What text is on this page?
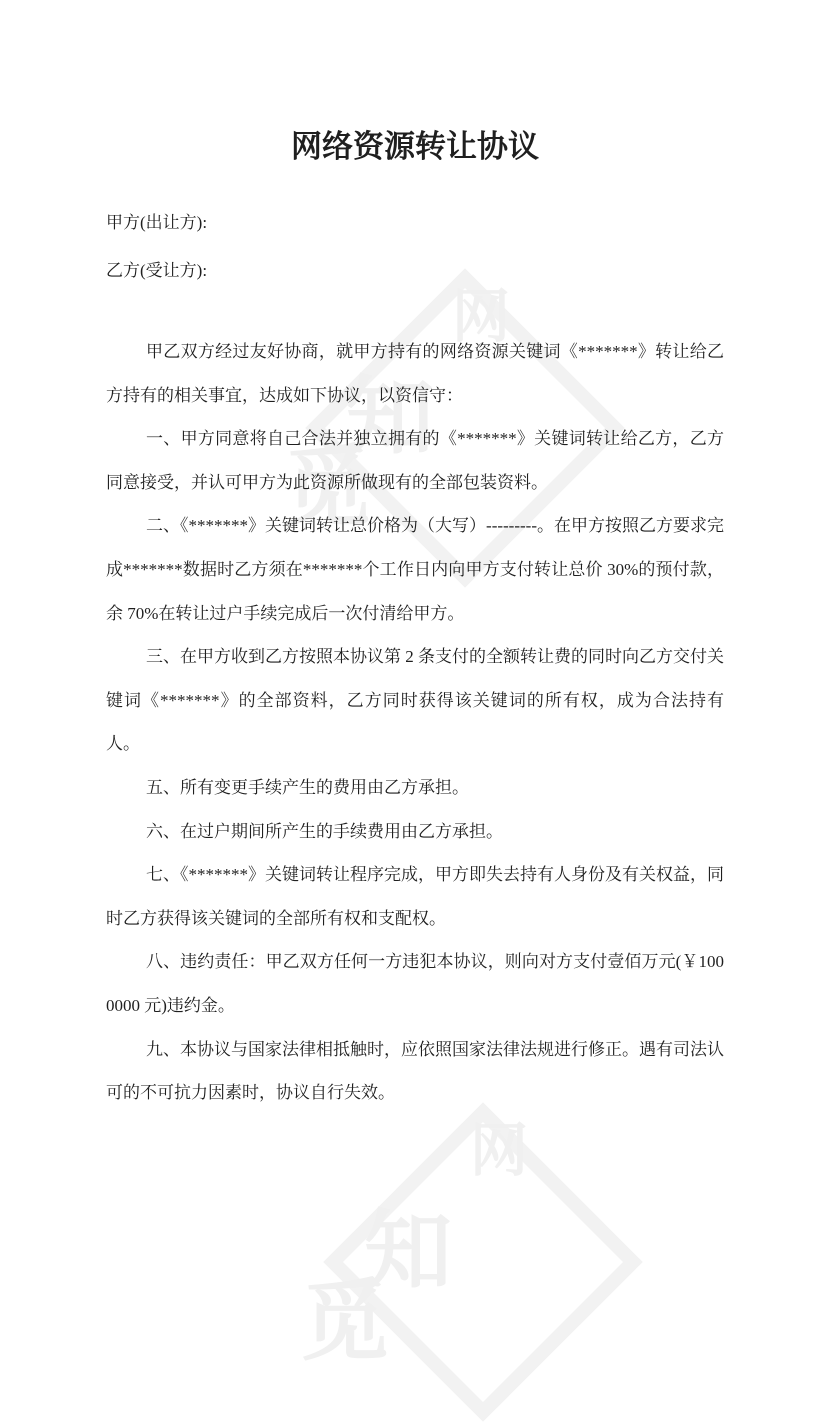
网
知
觅
网
知
觅
网络资源转让协议

甲方(出让方):

乙方(受让方):

甲乙双方经过友好协商，就甲方持有的网络资源关键词《*******》转让给乙方持有的相关事宜，达成如下协议，以资信守：

一、甲方同意将自己合法并独立拥有的《*******》关键词转让给乙方，乙方同意接受，并认可甲方为此资源所做现有的全部包装资料。

二、《*******》关键词转让总价格为（大写）---------。在甲方按照乙方要求完成*******数据时乙方须在*******个工作日内向甲方支付转让总价 30%的预付款，余 70%在转让过户手续完成后一次付清给甲方。

三、在甲方收到乙方按照本协议第 2 条支付的全额转让费的同时向乙方交付关键词《*******》的全部资料，乙方同时获得该关键词的所有权，成为合法持有人。

五、所有变更手续产生的费用由乙方承担。

六、在过户期间所产生的手续费用由乙方承担。

七、《*******》关键词转让程序完成，甲方即失去持有人身份及有关权益，同时乙方获得该关键词的全部所有权和支配权。

八、违约责任：甲乙双方任何一方违犯本协议，则向对方支付壹佰万元(￥1000000 元)违约金。

九、本协议与国家法律相抵触时，应依照国家法律法规进行修正。遇有司法认可的不可抗力因素时，协议自行失效。
